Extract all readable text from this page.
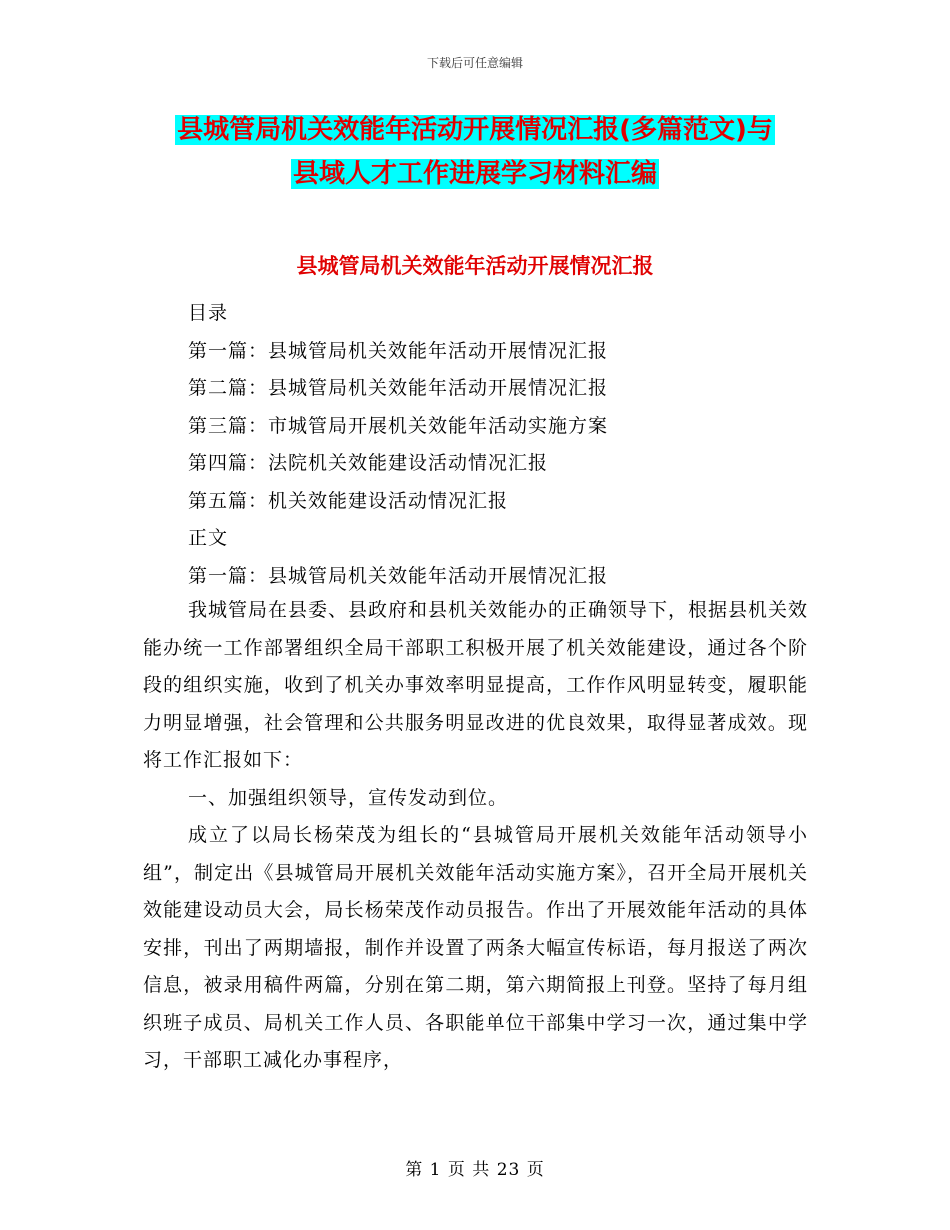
下载后可任意编辑
县城管局机关效能年活动开展情况汇报(多篇范文)与
县域人才工作进展学习材料汇编
县城管局机关效能年活动开展情况汇报
目录
第一篇：县城管局机关效能年活动开展情况汇报
第二篇：县城管局机关效能年活动开展情况汇报
第三篇：市城管局开展机关效能年活动实施方案
第四篇：法院机关效能建设活动情况汇报
第五篇：机关效能建设活动情况汇报
正文
第一篇：县城管局机关效能年活动开展情况汇报

我城管局在县委、县政府和县机关效能办的正确领导下，根据县机关效能办统一工作部署组织全局干部职工积极开展了机关效能建设，通过各个阶段的组织实施，收到了机关办事效率明显提高，工作作风明显转变，履职能力明显增强，社会管理和公共服务明显改进的优良效果，取得显著成效。现将工作汇报如下：

一、加强组织领导，宣传发动到位。

成立了以局长杨荣茂为组长的“县城管局开展机关效能年活动领导小组”，制定出《县城管局开展机关效能年活动实施方案》，召开全局开展机关效能建设动员大会，局长杨荣茂作动员报告。作出了开展效能年活动的具体安排，刊出了两期墙报，制作并设置了两条大幅宣传标语，每月报送了两次信息，被录用稿件两篇，分别在第二期，第六期简报上刊登。坚持了每月组织班子成员、局机关工作人员、各职能单位干部集中学习一次，通过集中学习，干部职工减化办事程序，

第 1 页 共 23 页
